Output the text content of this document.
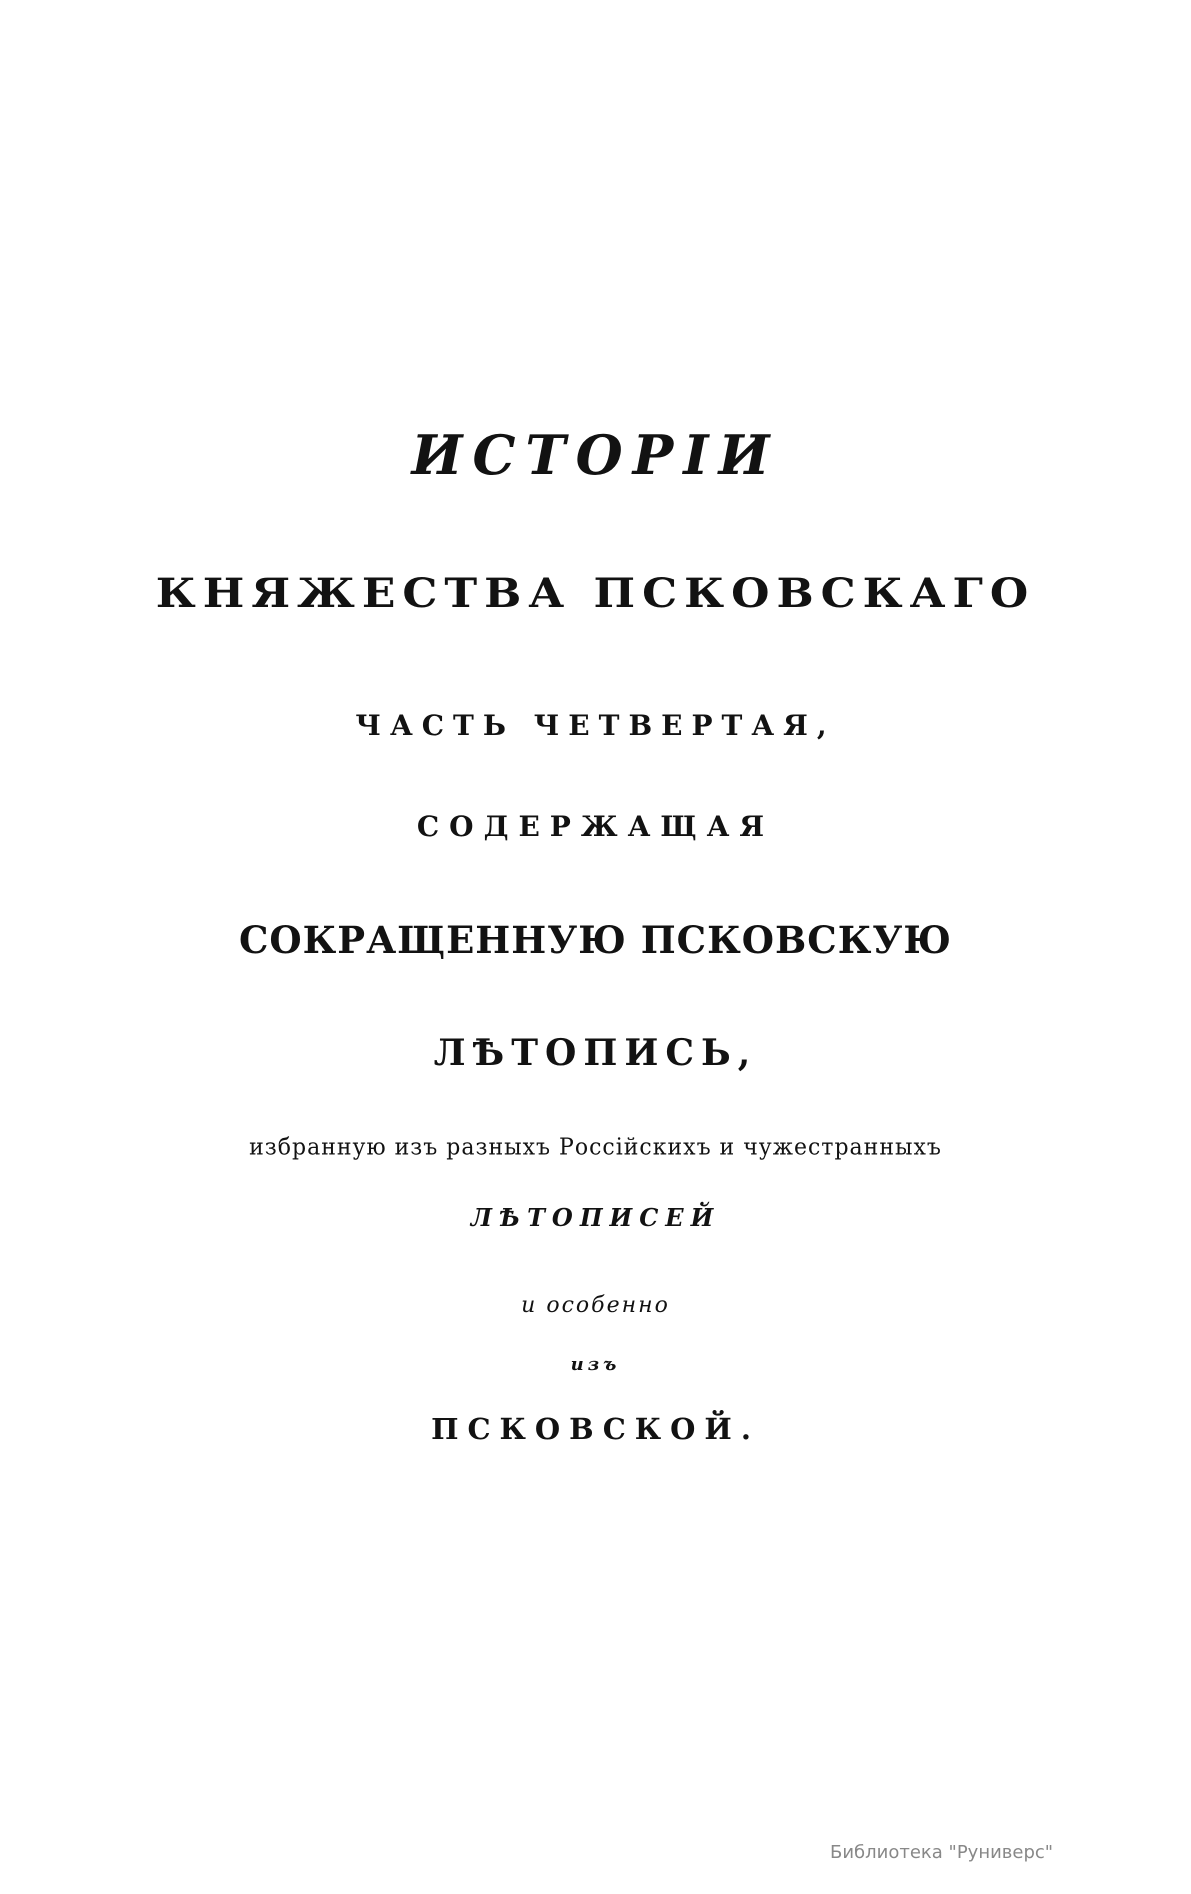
ИСТОРІИ
КНЯЖЕСТВА ПСКОВСКАГО
ЧАСТЬ ЧЕТВЕРТАЯ,
СОДЕРЖАЩАЯ
СОКРАЩЕННУЮ ПСКОВСКУЮ
ЛѢТОПИСЬ,
избранную изъ разныхъ Россійскихъ и чужестранныхъ
ЛѢТОПИСЕЙ
и особенно
изъ
ПСКОВСКОЙ.
Библиотека "Руниверс"
